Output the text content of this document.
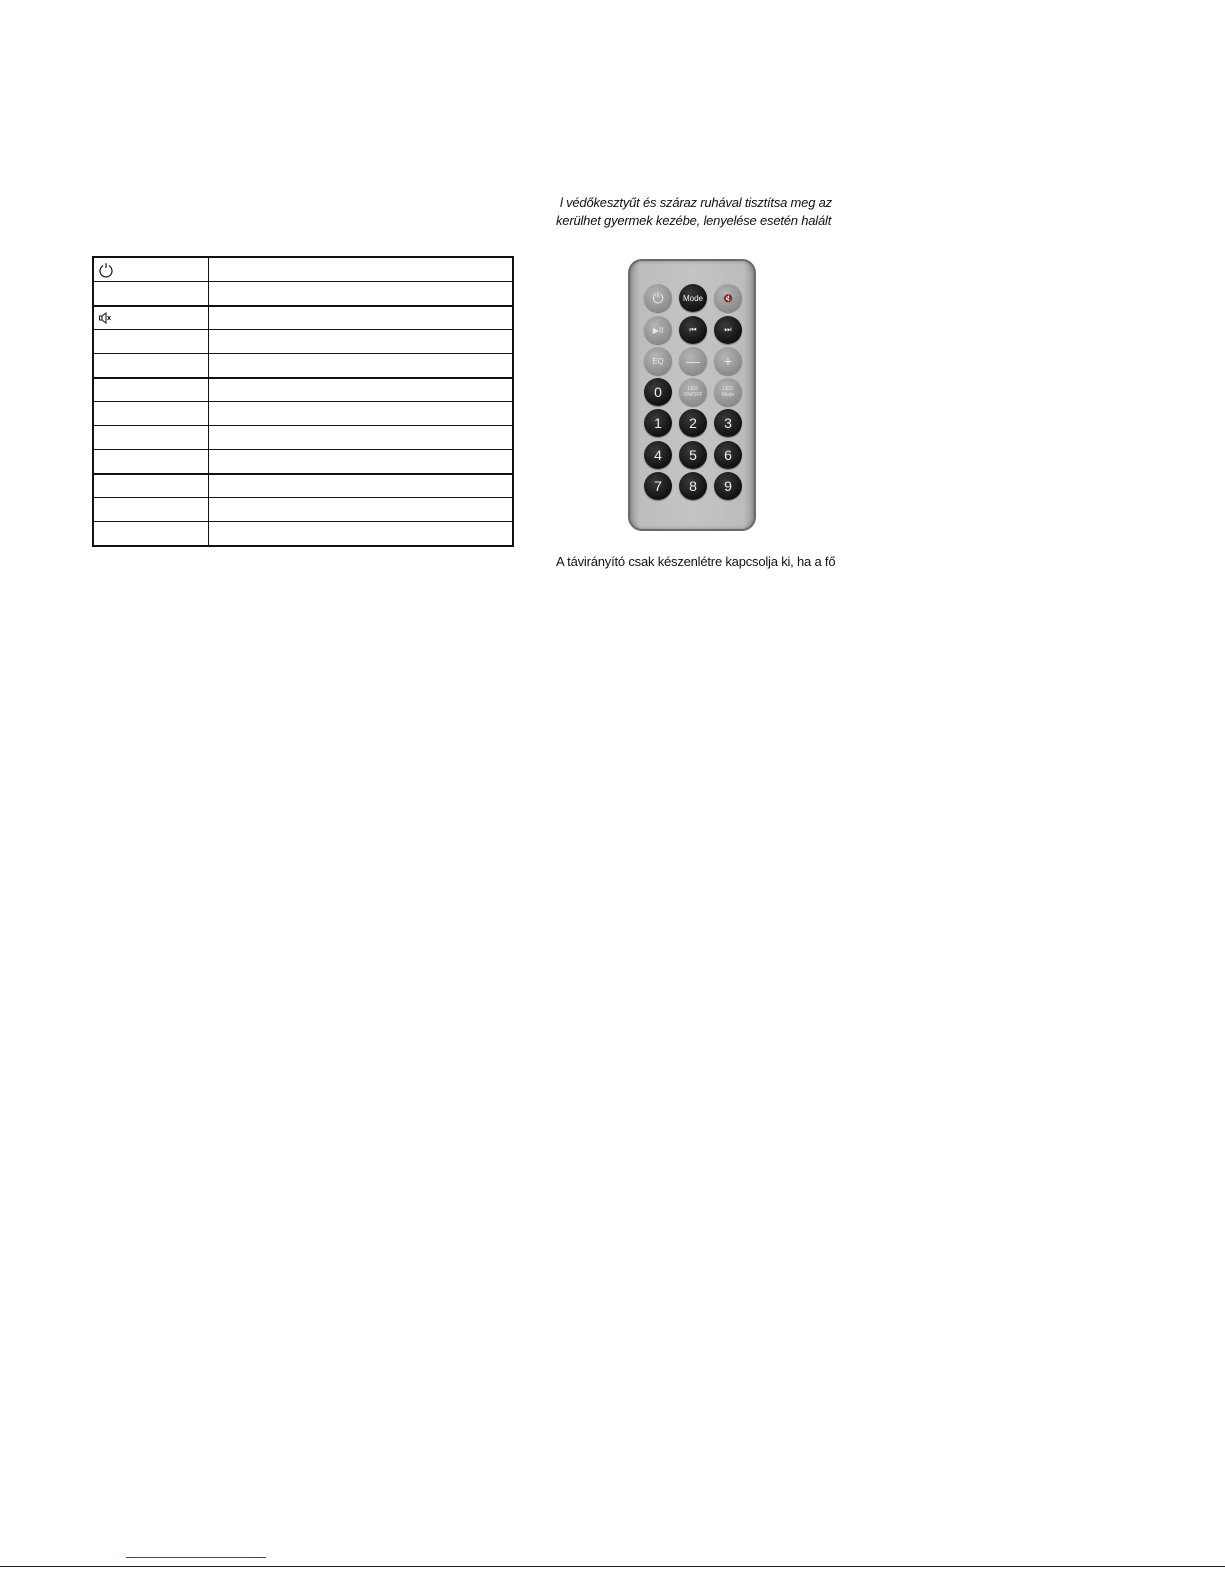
l védőkesztyűt és száraz ruhával tisztítsa meg az
kerülhet gyermek kezébe, lenyelése esetén halált
⏻	Mode	🔇
▶II	⏮	⏭
EQ	—	+
0	LED
ON/OFF
LED
Mode
1	2	3
4	5	6
7	8	9
A távirányító csak készenlétre kapcsolja ki, ha a fő
